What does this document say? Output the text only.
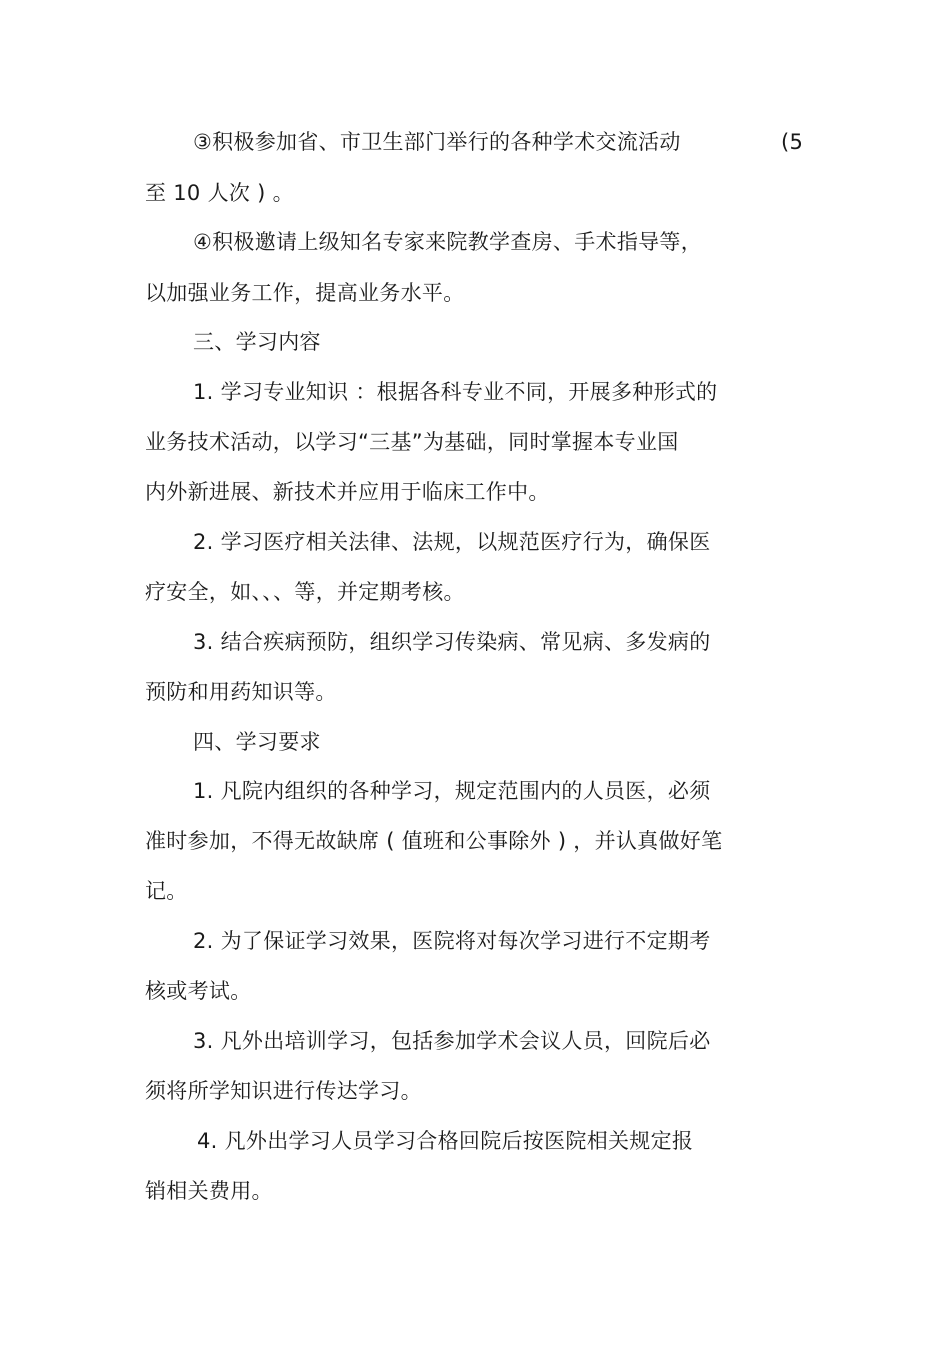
③积极参加省、市卫生部门举行的各种学术交流活动	(5
至 10 人次 ) 。
④积极邀请上级知名专家来院教学查房、手术指导等，
以加强业务工作，提高业务水平。
三、学习内容
1. 学习专业知识 ：根据各科专业不同，开展多种形式的
业务技术活动，以学习“三基”为基础，同时掌握本专业国
内外新进展、新技术并应用于临床工作中。
2. 学习医疗相关法律、法规，以规范医疗行为，确保医
疗安全，如、、、等，并定期考核。
3. 结合疾病预防，组织学习传染病、常见病、多发病的
预防和用药知识等。
四、学习要求
1. 凡院内组织的各种学习，规定范围内的人员医，必须
准时参加，不得无故缺席 ( 值班和公事除外 ) ，并认真做好笔
记。
2. 为了保证学习效果，医院将对每次学习进行不定期考
核或考试。
3. 凡外出培训学习，包括参加学术会议人员，回院后必
须将所学知识进行传达学习。
4. 凡外出学习人员学习合格回院后按医院相关规定报
销相关费用。
